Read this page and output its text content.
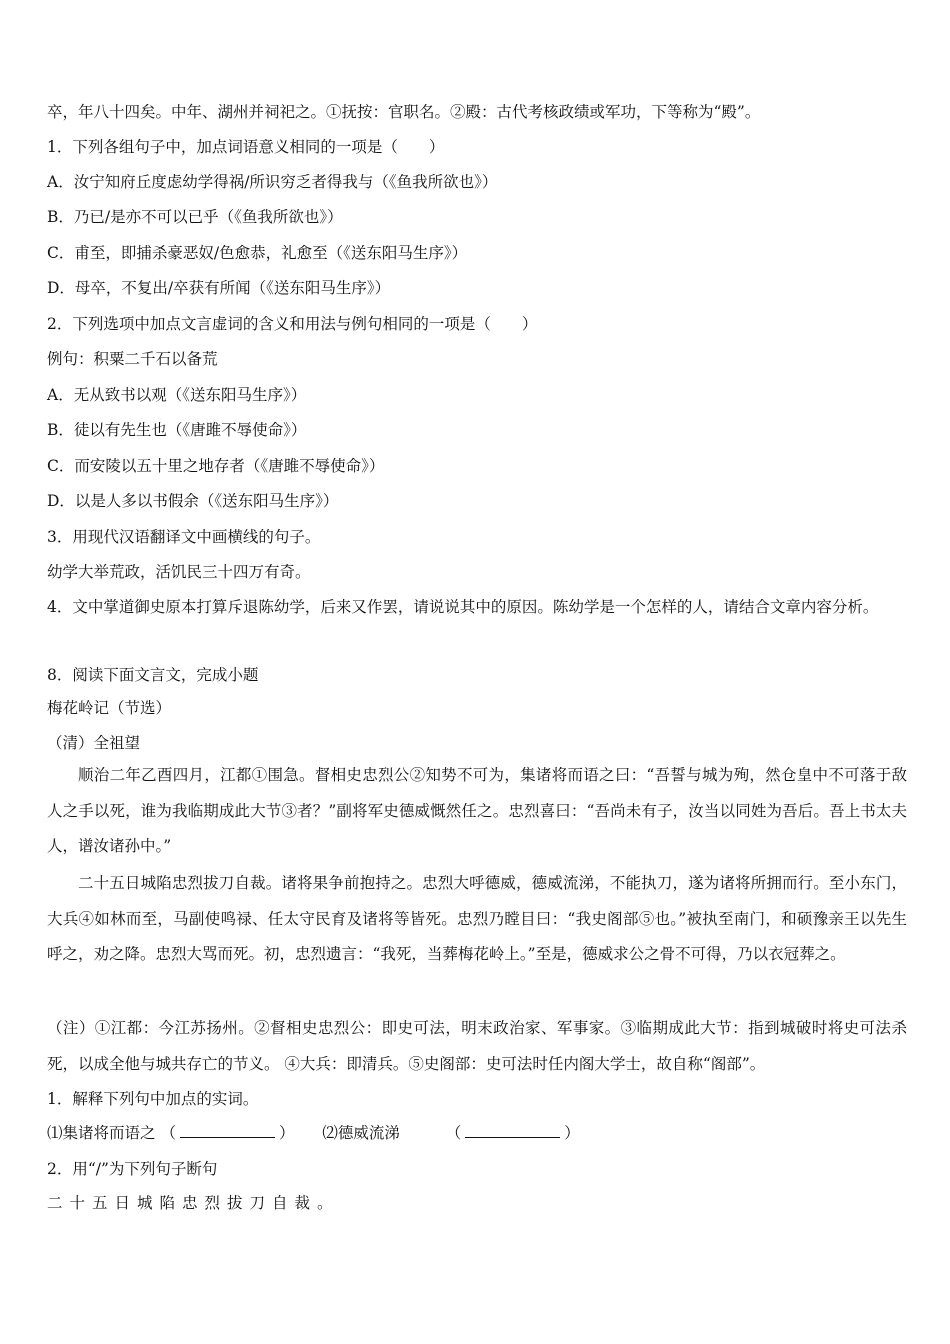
卒，年八十四矣。中年、湖州并祠祀之。①抚按：官职名。②殿：古代考核政绩或军功，下等称为“殿”。
1．下列各组句子中，加点词语意义相同的一项是（　　）
A．汝宁知府丘度虑幼学得祸/所识穷乏者得我与（《鱼我所欲也》）
B．乃已/是亦不可以已乎（《鱼我所欲也》）
C．甫至，即捕杀豪恶奴/色愈恭，礼愈至（《送东阳马生序》）
D．母卒，不复出/卒获有所闻（《送东阳马生序》）
2．下列选项中加点文言虚词的含义和用法与例句相同的一项是（　　）
例句：积粟二千石以备荒
A．无从致书以观（《送东阳马生序》）
B．徒以有先生也（《唐雎不辱使命》）
C．而安陵以五十里之地存者（《唐雎不辱使命》）
D．以是人多以书假余（《送东阳马生序》）
3．用现代汉语翻译文中画横线的句子。
幼学大举荒政，活饥民三十四万有奇。
4．文中掌道御史原本打算斥退陈幼学，后来又作罢，请说说其中的原因。陈幼学是一个怎样的人，请结合文章内容分析。
8．阅读下面文言文，完成小题
梅花岭记（节选）
（清）全祖望
顺治二年乙酉四月，江都①围急。督相史忠烈公②知势不可为，集诸将而语之曰：“吾誓与城为殉，然仓皇中不可落于敌人之手以死，谁为我临期成此大节③者？”副将军史德威慨然任之。忠烈喜曰：“吾尚未有子，汝当以同姓为吾后。吾上书太夫人，谱汝诸孙中。”
二十五日城陷忠烈拔刀自裁。诸将果争前抱持之。忠烈大呼德威，德威流涕，不能执刀，遂为诸将所拥而行。至小东门，大兵④如林而至，马副使鸣禄、任太守民育及诸将等皆死。忠烈乃瞠目曰：“我史阁部⑤也。”被执至南门，和硕豫亲王以先生呼之，劝之降。忠烈大骂而死。初，忠烈遗言：“我死，当葬梅花岭上。”至是，德威求公之骨不可得，乃以衣冠葬之。
（注）①江都：今江苏扬州。②督相史忠烈公：即史可法，明末政治家、军事家。③临期成此大节：指到城破时将史可法杀死，以成全他与城共存亡的节义。 ④大兵：即清兵。⑤史阁部：史可法时任内阁大学士，故自称“阁部”。
1．解释下列句中加点的实词。
⑴集诸将而语之 （	） ⑵德威流涕	（	）
2．用“/”为下列句子断句
二十五日城陷忠烈拔刀自裁。
